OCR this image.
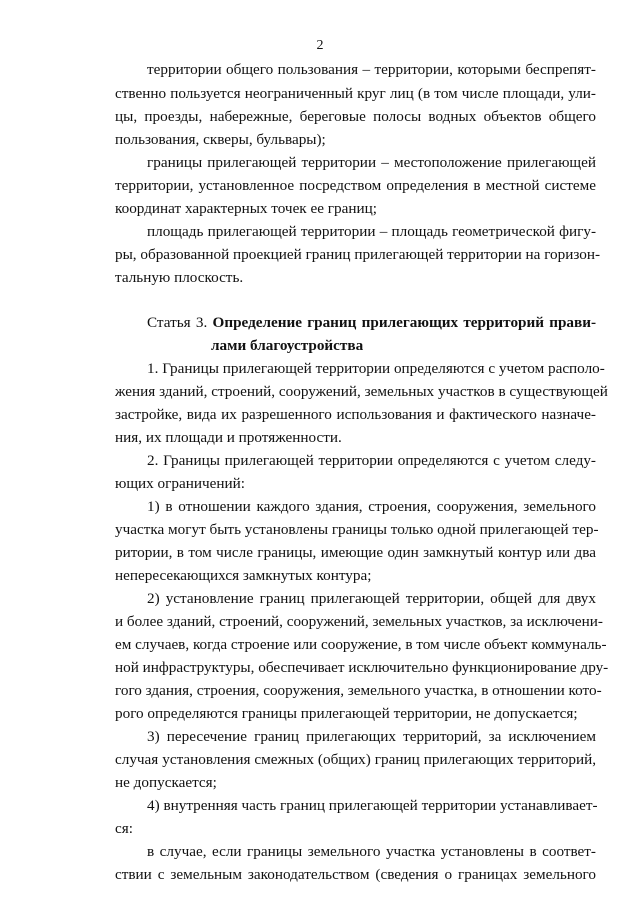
2
территории общего пользования – территории, которыми беспрепят-
ственно пользуется неограниченный круг лиц (в том числе площади, ули-
цы, проезды, набережные, береговые полосы водных объектов общего
пользования, скверы, бульвары);
границы прилегающей территории – местоположение прилегающей
территории, установленное посредством определения в местной системе
координат характерных точек ее границ;
площадь прилегающей территории – площадь геометрической фигу-
ры, образованной проекцией границ прилегающей территории на горизон-
тальную плоскость.
Статья 3. Определение границ прилегающих территорий прави-
лами благоустройства
1. Границы прилегающей территории определяются с учетом располо-
жения зданий, строений, сооружений, земельных участков в существующей
застройке, вида их разрешенного использования и фактического назначе-
ния, их площади и протяженности.
2. Границы прилегающей территории определяются с учетом следу-
ющих ограничений:
1) в отношении каждого здания, строения, сооружения, земельного
участка могут быть установлены границы только одной прилегающей тер-
ритории, в том числе границы, имеющие один замкнутый контур или два
непересекающихся замкнутых контура;
2) установление границ прилегающей территории, общей для двух
и более зданий, строений, сооружений, земельных участков, за исключени-
ем случаев, когда строение или сооружение, в том числе объект коммуналь-
ной инфраструктуры, обеспечивает исключительно функционирование дру-
гого здания, строения, сооружения, земельного участка, в отношении кото-
рого определяются границы прилегающей территории, не допускается;
3) пересечение границ прилегающих территорий, за исключением
случая установления смежных (общих) границ прилегающих территорий,
не допускается;
4) внутренняя часть границ прилегающей территории устанавливает-
ся:
в случае, если границы земельного участка установлены в соответ-
ствии с земельным законодательством (сведения о границах земельного
